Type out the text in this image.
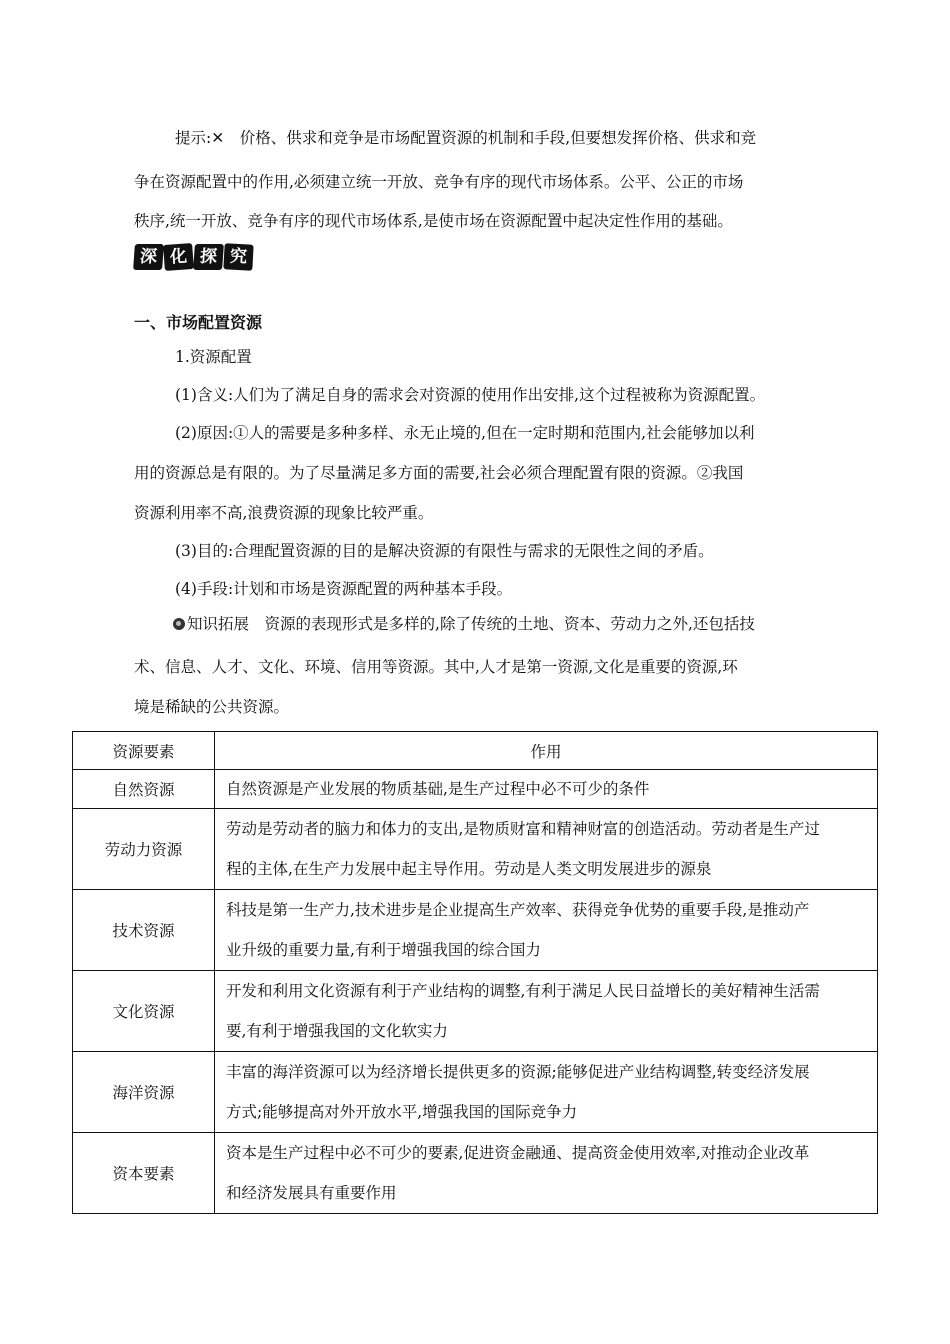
提示:✕　价格、供求和竞争是市场配置资源的机制和手段,但要想发挥价格、供求和竞
争在资源配置中的作用,必须建立统一开放、竞争有序的现代市场体系。公平、公正的市场
秩序,统一开放、竞争有序的现代市场体系,是使市场在资源配置中起决定性作用的基础。
深 化 探 究
一、市场配置资源
1.资源配置
(1)含义:人们为了满足自身的需求会对资源的使用作出安排,这个过程被称为资源配置。
(2)原因:①人的需要是多种多样、永无止境的,但在一定时期和范围内,社会能够加以利
用的资源总是有限的。为了尽量满足多方面的需要,社会必须合理配置有限的资源。②我国
资源利用率不高,浪费资源的现象比较严重。
(3)目的:合理配置资源的目的是解决资源的有限性与需求的无限性之间的矛盾。
(4)手段:计划和市场是资源配置的两种基本手段。
知识拓展　 资源的表现形式是多样的,除了传统的土地、资本、劳动力之外,还包括技
术、信息、人才、文化、环境、信用等资源。其中,人才是第一资源,文化是重要的资源,环
境是稀缺的公共资源。
资源要素	作用
自然资源	自然资源是产业发展的物质基础,是生产过程中必不可少的条件

劳动力资源	劳动是劳动者的脑力和体力的支出,是物质财富和精神财富的创造活动。劳动者是生产过
程的主体,在生产力发展中起主导作用。劳动是人类文明发展进步的源泉

技术资源	科技是第一生产力,技术进步是企业提高生产效率、获得竞争优势的重要手段,是推动产
业升级的重要力量,有利于增强我国的综合国力

文化资源	开发和利用文化资源有利于产业结构的调整,有利于满足人民日益增长的美好精神生活需
要,有利于增强我国的文化软实力

海洋资源	丰富的海洋资源可以为经济增长提供更多的资源;能够促进产业结构调整,转变经济发展
方式;能够提高对外开放水平,增强我国的国际竞争力

资本要素	资本是生产过程中必不可少的要素,促进资金融通、提高资金使用效率,对推动企业改革
和经济发展具有重要作用
